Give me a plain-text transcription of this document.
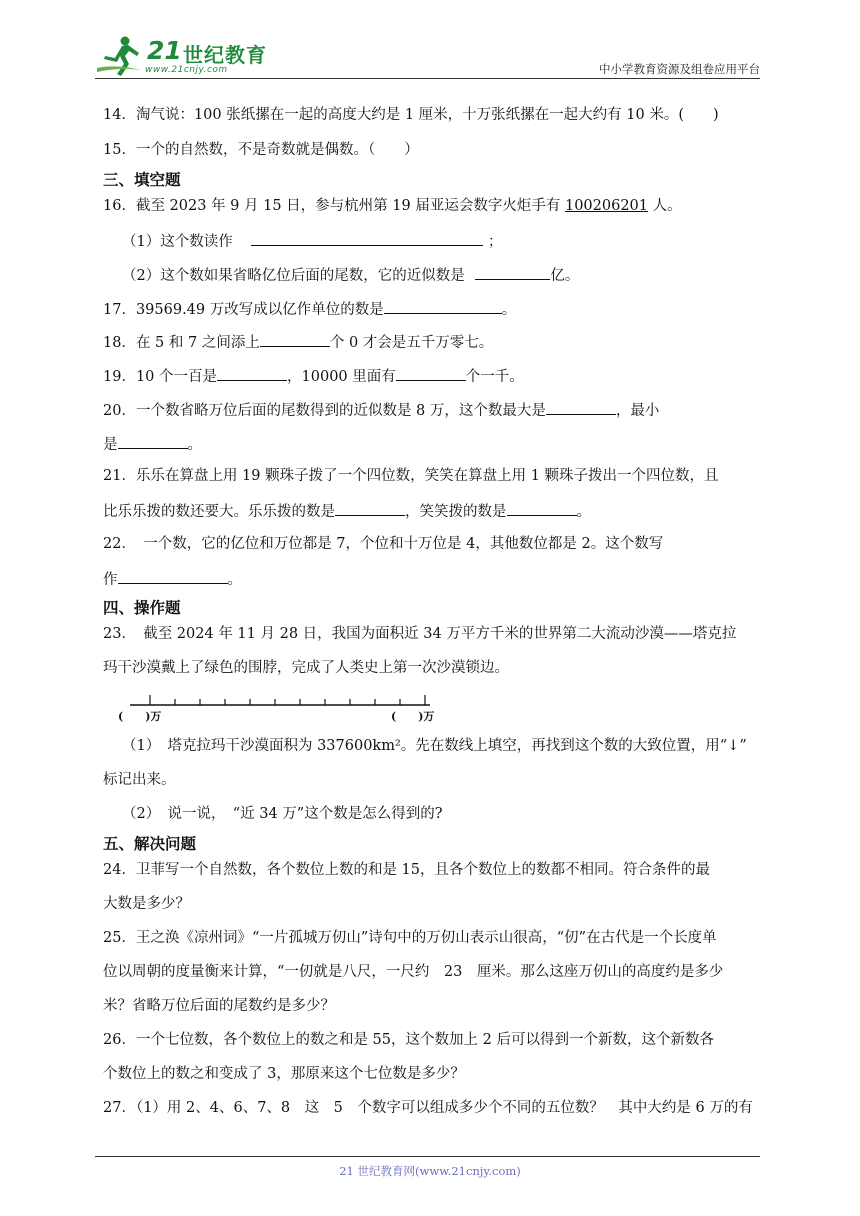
21 世纪教育
www.21cnjy.com	中小学教育资源及组卷应用平台
14．淘气说：100 张纸摞在一起的高度大约是 1 厘米，十万张纸摞在一起大约有 10 米。(　　)
15．一个的自然数，不是奇数就是偶数。（　　）
三、填空题
16．截至 2023 年 9 月 15 日，参与杭州第 19 届亚运会数字火炬手有 100206201 人。
（1）这个数读作	；
（2）这个数如果省略亿位后面的尾数，它的近似数是	亿。
17．39569.49 万改写成以亿作单位的数是	。
18．在 5 和 7 之间添上	个 0 才会是五千万零七。
19．10 个一百是	，10000 里面有	个一千。
20．一个数省略万位后面的尾数得到的近似数是 8 万，这个数最大是	，最小
是	。
21．乐乐在算盘上用 19 颗珠子拨了一个四位数，笑笑在算盘上用 1 颗珠子拨出一个四位数，且
比乐乐拨的数还要大。乐乐拨的数是	，笑笑拨的数是	。
22．　一个数，它的亿位和万位都是 7，个位和十万位是 4，其他数位都是 2。这个数写
作	。
四、操作题
23．　截至 2024 年 11 月 28 日，我国为面积近 34 万平方千米的世界第二大流动沙漠——塔克拉
玛干沙漠戴上了绿色的围脖，完成了人类史上第一次沙漠锁边。
(　　)万	(　　)万
（1）　塔克拉玛干沙漠面积为 337600km²。先在数线上填空，再找到这个数的大致位置，用“↓”
标记出来。
（2）　说一说，　“近 34 万”这个数是怎么得到的?
五、解决问题
24．卫菲写一个自然数，各个数位上数的和是 15，且各个数位上的数都不相同。符合条件的最
大数是多少？
25．王之涣《凉州词》“一片孤城万仞山”诗句中的万仞山表示山很高，“仞”在古代是一个长度单
位以周朝的度量衡来计算，“一仞就是八尺，一尺约　23　厘米。那么这座万仞山的高度约是多少
米？省略万位后面的尾数约是多少？
26．一个七位数，各个数位上的数之和是 55，这个数加上 2 后可以得到一个新数，这个新数各
个数位上的数之和变成了 3，那原来这个七位数是多少？
27．（1）用 2、4、6、7、8　这　5　个数字可以组成多少个不同的五位数？　其中大约是 6 万的有
21 世纪教育网(www.21cnjy.com)
